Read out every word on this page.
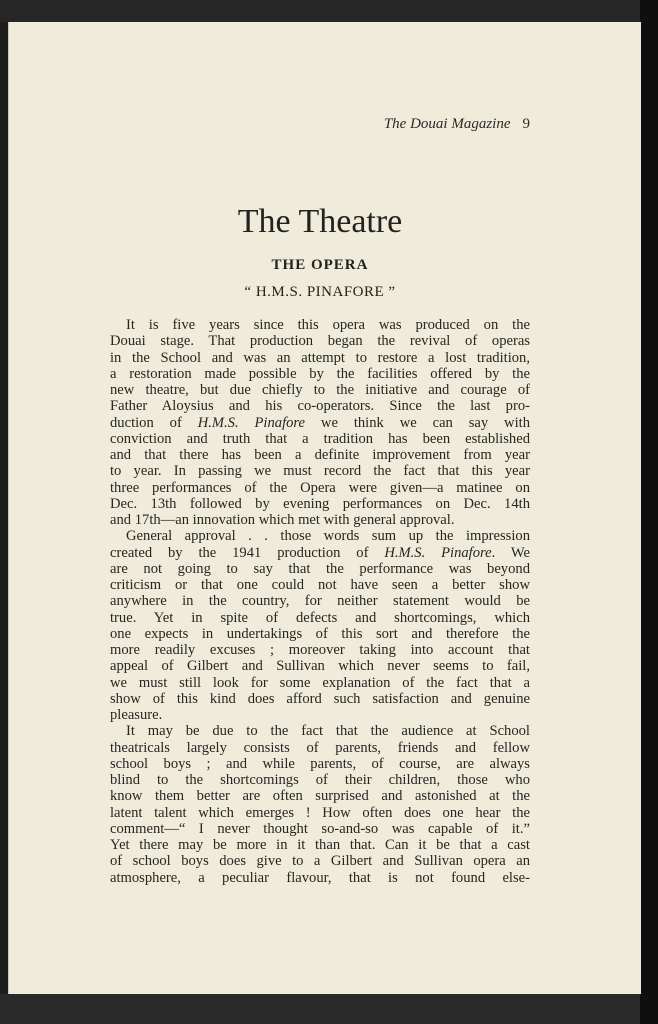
The Douai Magazine 9
The Theatre
THE OPERA
“ H.M.S. PINAFORE ”
It is five years since this opera was produced on the
Douai stage. That production began the revival of operas
in the School and was an attempt to restore a lost tradition,
a restoration made possible by the facilities offered by the
new theatre, but due chiefly to the initiative and courage of
Father Aloysius and his co-operators. Since the last pro-
duction of H.M.S. Pinafore we think we can say with
conviction and truth that a tradition has been established
and that there has been a definite improvement from year
to year. In passing we must record the fact that this year
three performances of the Opera were given—a matinee on
Dec. 13th followed by evening performances on Dec. 14th
and 17th—an innovation which met with general approval.
General approval . . those words sum up the impression
created by the 1941 production of H.M.S. Pinafore. We
are not going to say that the performance was beyond
criticism or that one could not have seen a better show
anywhere in the country, for neither statement would be
true. Yet in spite of defects and shortcomings, which
one expects in undertakings of this sort and therefore the
more readily excuses ; moreover taking into account that
appeal of Gilbert and Sullivan which never seems to fail,
we must still look for some explanation of the fact that a
show of this kind does afford such satisfaction and genuine
pleasure.
It may be due to the fact that the audience at School
theatricals largely consists of parents, friends and fellow
school boys ; and while parents, of course, are always
blind to the shortcomings of their children, those who
know them better are often surprised and astonished at the
latent talent which emerges ! How often does one hear the
comment—“ I never thought so-and-so was capable of it.”
Yet there may be more in it than that. Can it be that a cast
of school boys does give to a Gilbert and Sullivan opera an
atmosphere, a peculiar flavour, that is not found else-
